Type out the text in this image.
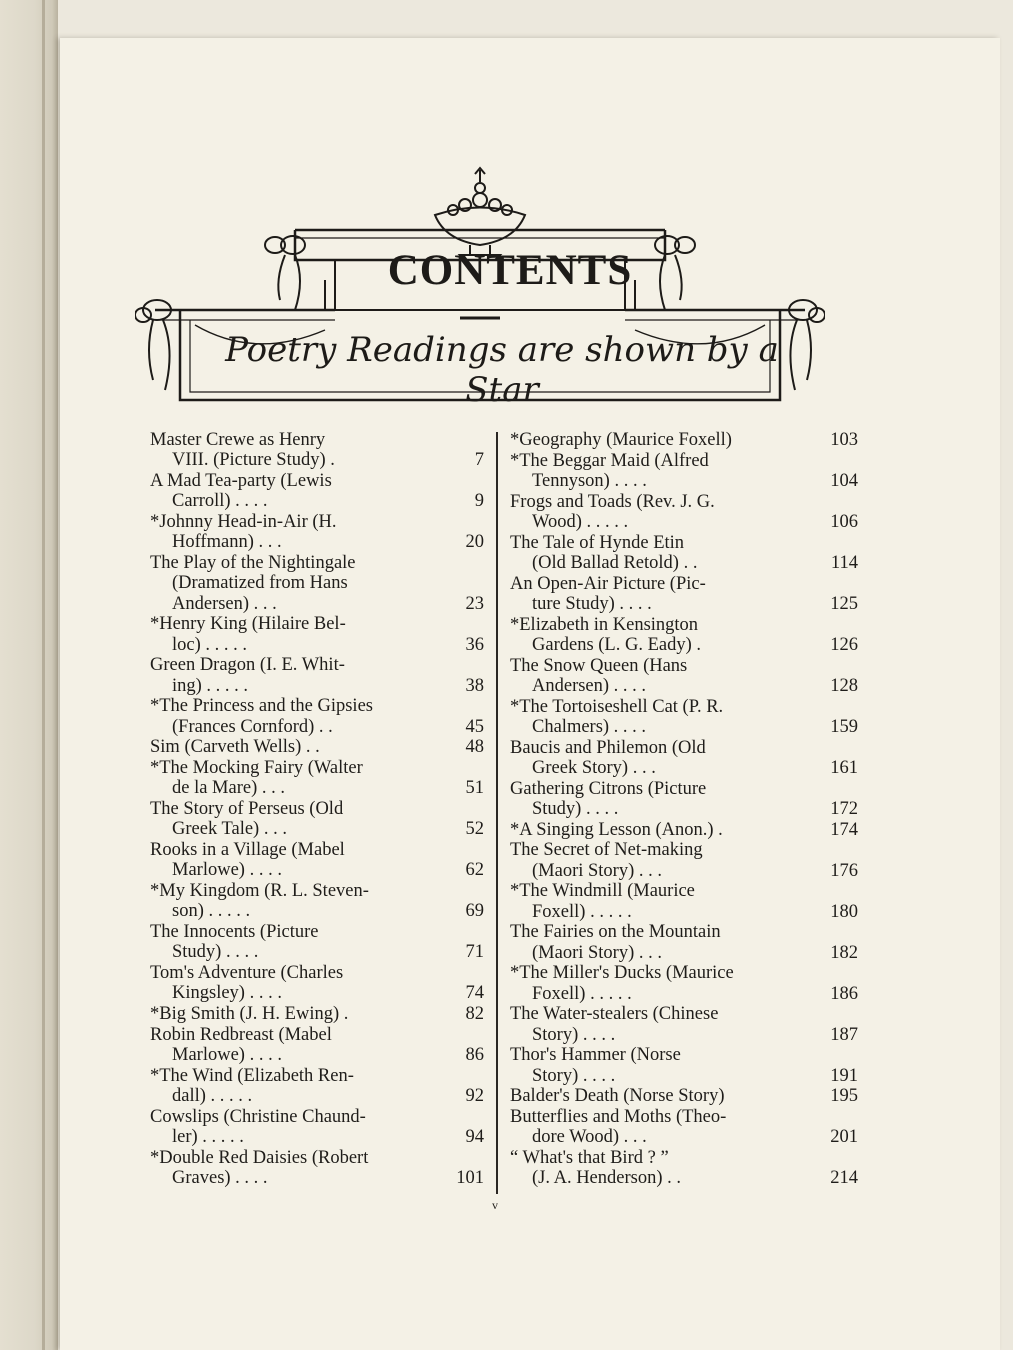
CONTENTS

Poetry Readings are shown by a Star

Master Crewe as Henry
VIII. (Picture Study) .	7
A Mad Tea-party (Lewis
Carroll) . . . .	9
*Johnny Head-in-Air (H.
Hoffmann) . . .	20
The Play of the Nightingale
(Dramatized from Hans
Andersen) . . .	23
*Henry King (Hilaire Bel-
loc) . . . . .	36
Green Dragon (I. E. Whit-
ing) . . . . .	38
*The Princess and the Gipsies
(Frances Cornford) . .	45
Sim (Carveth Wells) . .	48
*The Mocking Fairy (Walter
de la Mare) . . .	51
The Story of Perseus (Old
Greek Tale) . . .	52
Rooks in a Village (Mabel
Marlowe) . . . .	62
*My Kingdom (R. L. Steven-
son) . . . . .	69
The Innocents (Picture
Study) . . . .	71
Tom's Adventure (Charles
Kingsley) . . . .	74
*Big Smith (J. H. Ewing) .	82
Robin Redbreast (Mabel
Marlowe) . . . .	86
*The Wind (Elizabeth Ren-
dall) . . . . .	92
Cowslips (Christine Chaund-
ler) . . . . .	94
*Double Red Daisies (Robert
Graves) . . . .	101
*Geography (Maurice Foxell)	103
*The Beggar Maid (Alfred
Tennyson) . . . .	104
Frogs and Toads (Rev. J. G.
Wood) . . . . .	106
The Tale of Hynde Etin
(Old Ballad Retold) . .	114
An Open-Air Picture (Pic-
ture Study) . . . .	125
*Elizabeth in Kensington
Gardens (L. G. Eady) .	126
The Snow Queen (Hans
Andersen) . . . .	128
*The Tortoiseshell Cat (P. R.
Chalmers) . . . .	159
Baucis and Philemon (Old
Greek Story) . . .	161
Gathering Citrons (Picture
Study) . . . .	172
*A Singing Lesson (Anon.) .	174
The Secret of Net-making
(Maori Story) . . .	176
*The Windmill (Maurice
Foxell) . . . . .	180
The Fairies on the Mountain
(Maori Story) . . .	182
*The Miller's Ducks (Maurice
Foxell) . . . . .	186
The Water-stealers (Chinese
Story) . . . .	187
Thor's Hammer (Norse
Story) . . . .	191
Balder's Death (Norse Story)	195
Butterflies and Moths (Theo-
dore Wood) . . .	201
“ What's that Bird ? ”
(J. A. Henderson) . .	214
v
